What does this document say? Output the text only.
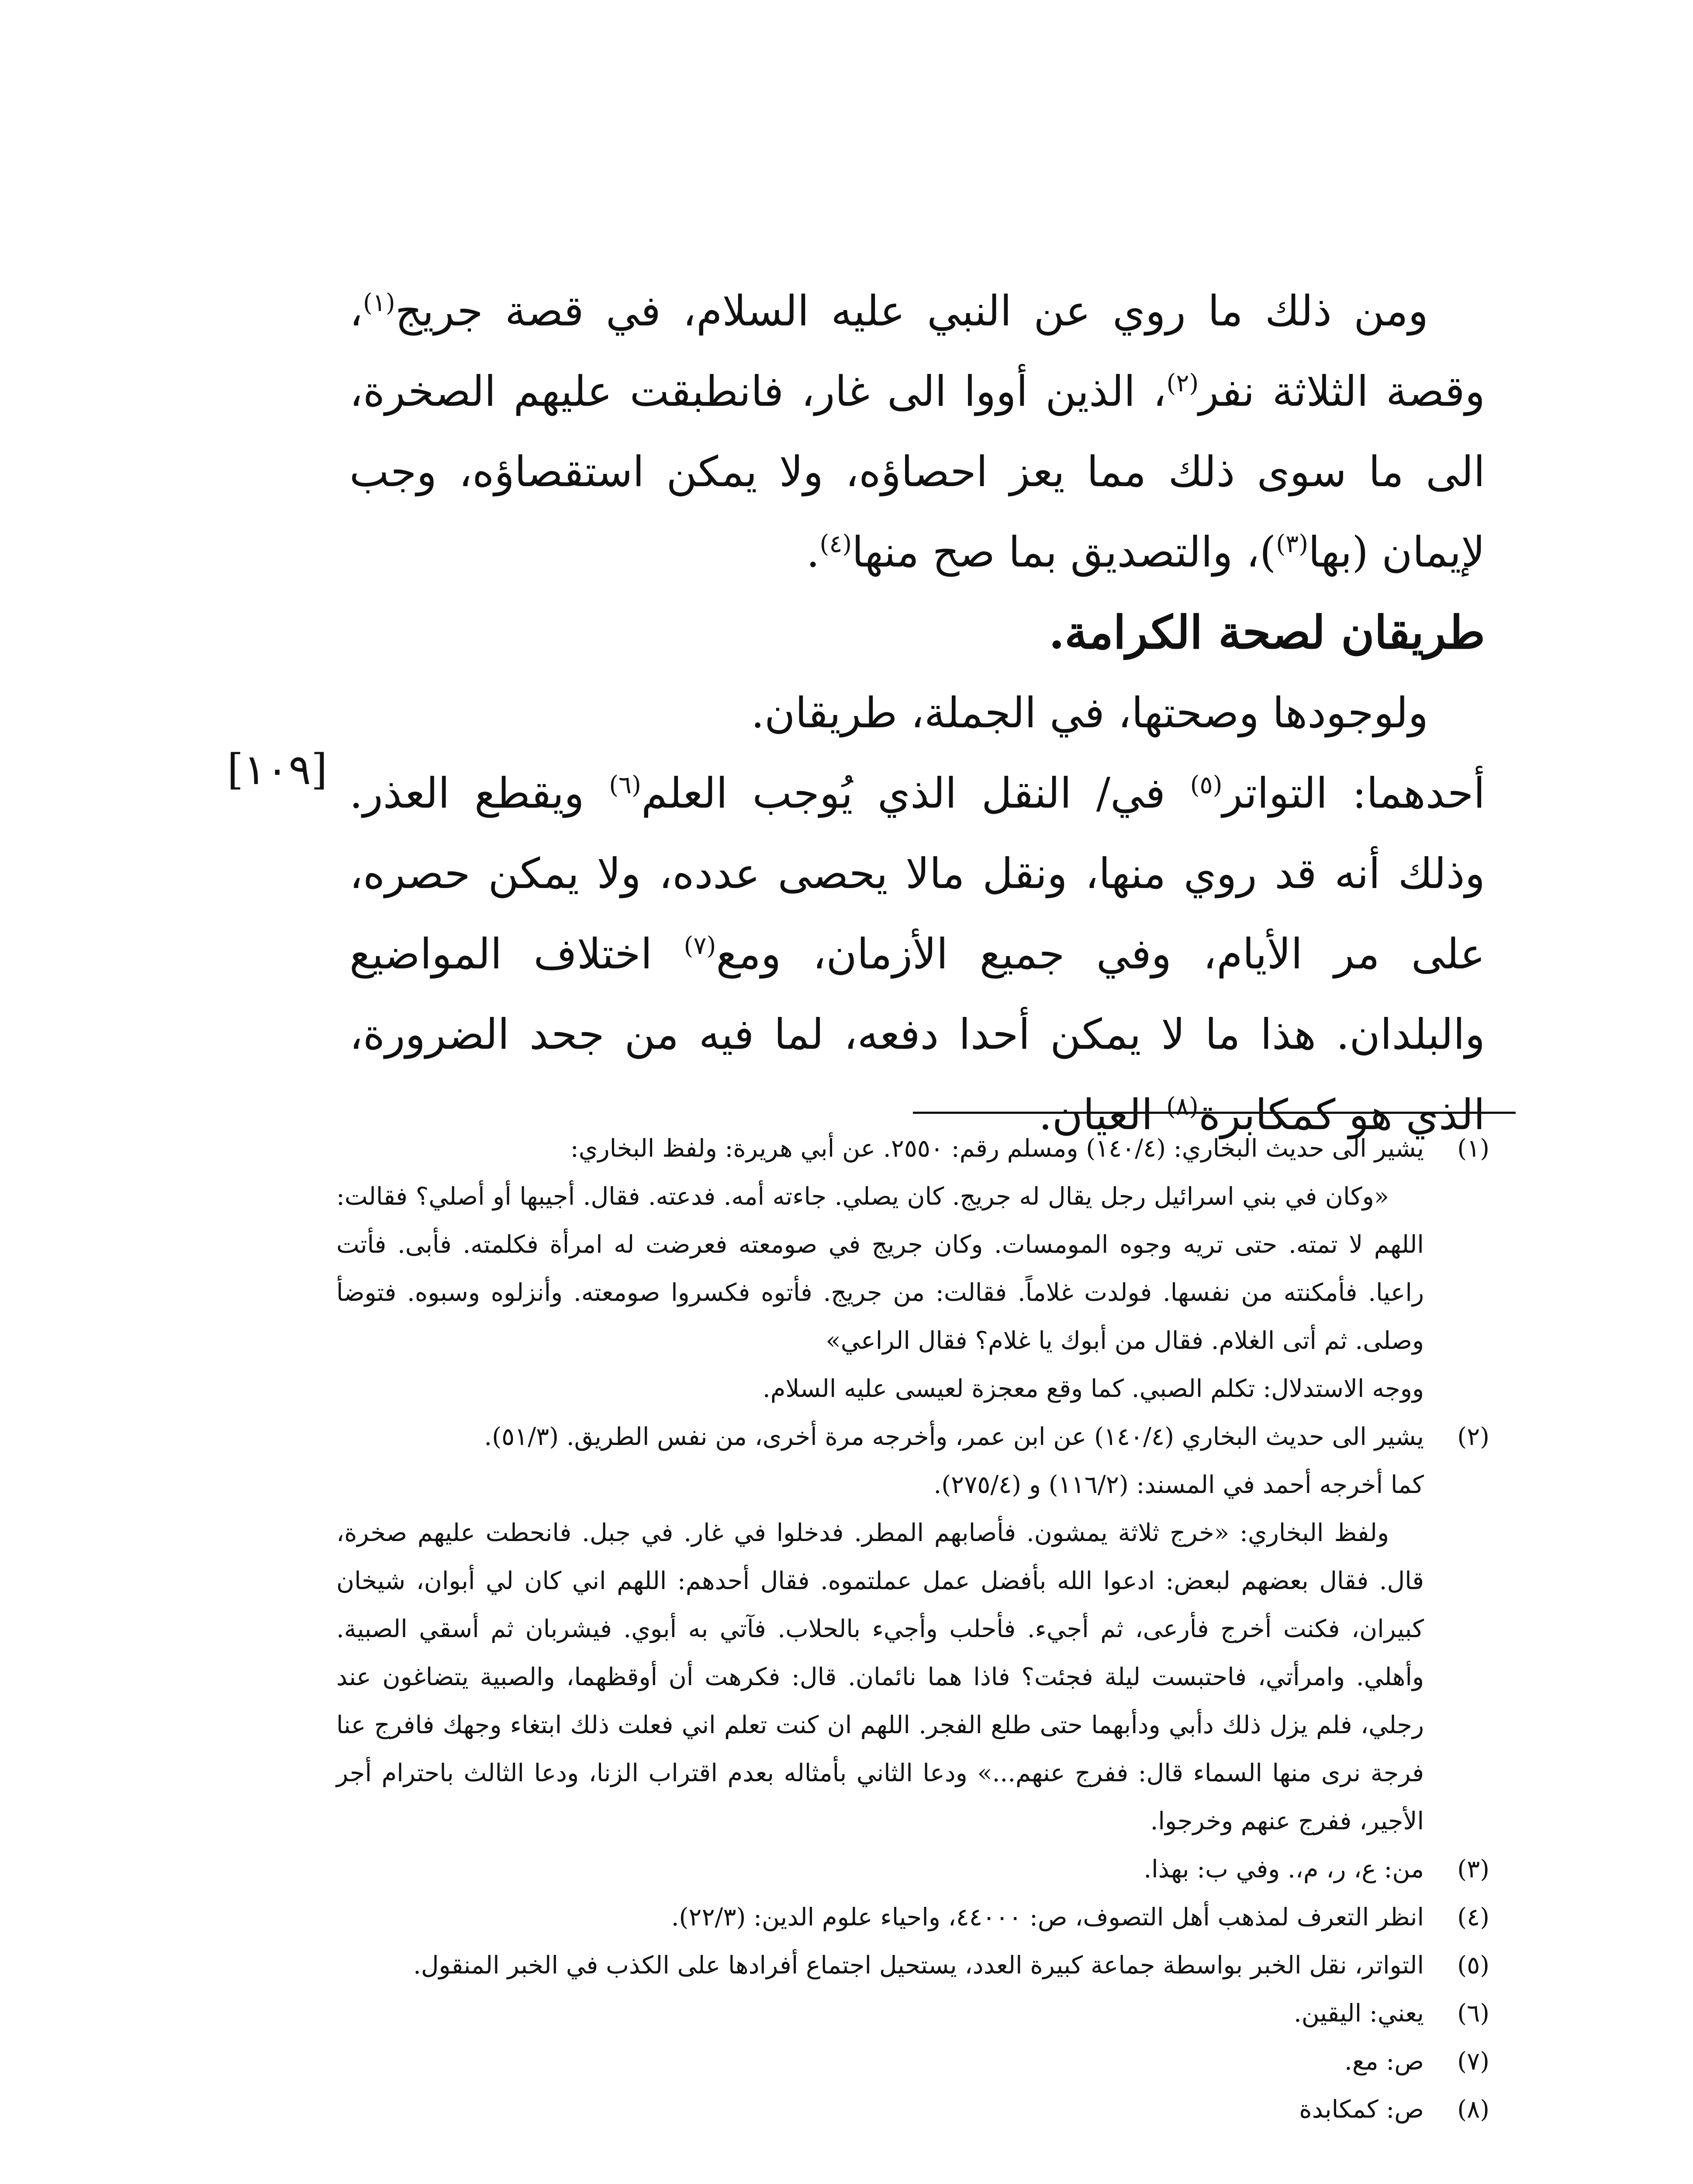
ومن ذلك ما روي عن النبي عليه السلام، في قصة جريج$^{(١)}$، وقصة الثلاثة نفر$^{(٢)}$، الذين أووا الى غار، فانطبقت عليهم الصخرة، الى ما سوى ذلك مما يعز احصاؤه، ولا يمكن استقصاؤه، وجب لإيمان (بها$^{(٣)}$)، والتصديق بما صح منها$^{(٤)}$.

طريقان لصحة الكرامة.

ولوجودها وصحتها، في الجملة، طريقان.

أحدهما: التواتر$^{(٥)}$ في/ النقل الذي يُوجب العلم$^{(٦)}$ ويقطع العذر. وذلك أنه قد روي منها، ونقل مالا يحصى عدده، ولا يمكن حصره، على مر الأيام، وفي جميع الأزمان، ومع$^{(٧)}$ اختلاف المواضيع والبلدان. هذا ما لا يمكن أحدا دفعه، لما فيه من جحد الضرورة، الذي هو كمكابرة$^{(٨)}$ العيان.

[١٠٩]
(١)

يشير الى حديث البخاري: (١٤٠/٤) ومسلم رقم: ٢٥٥٠. عن أبي هريرة: ولفظ البخاري:

«وكان في بني اسرائيل رجل يقال له جريج. كان يصلي. جاءته أمه. فدعته. فقال. أجيبها أو أصلي؟ فقالت: اللهم لا تمته. حتى تريه وجوه المومسات. وكان جريج في صومعته فعرضت له امرأة فكلمته. فأبى. فأتت راعيا. فأمكنته من نفسها. فولدت غلاماً. فقالت: من جريج. فأتوه فكسروا صومعته. وأنزلوه وسبوه. فتوضأ وصلى. ثم أتى الغلام. فقال من أبوك يا غلام؟ فقال الراعي»

ووجه الاستدلال: تكلم الصبي. كما وقع معجزة لعيسى عليه السلام.

(٢)

يشير الى حديث البخاري (١٤٠/٤) عن ابن عمر، وأخرجه مرة أخرى، من نفس الطريق. (٥١/٣).

كما أخرجه أحمد في المسند: (١١٦/٢) و (٢٧٥/٤).

ولفظ البخاري: «خرج ثلاثة يمشون. فأصابهم المطر. فدخلوا في غار. في جبل. فانحطت عليهم صخرة، قال. فقال بعضهم لبعض: ادعوا الله بأفضل عمل عملتموه. فقال أحدهم: اللهم اني كان لي أبوان، شيخان كبيران، فكنت أخرج فأرعى، ثم أجيء. فأحلب وأجيء بالحلاب. فآتي به أبوي. فيشربان ثم أسقي الصبية. وأهلي. وامرأتي، فاحتبست ليلة فجئت؟ فاذا هما نائمان. قال: فكرهت أن أوقظهما، والصبية يتضاغون عند رجلي، فلم يزل ذلك دأبي ودأبهما حتى طلع الفجر. اللهم ان كنت تعلم اني فعلت ذلك ابتغاء وجهك فافرج عنا فرجة نرى منها السماء قال: ففرج عنهم...» ودعا الثاني بأمثاله بعدم اقتراب الزنا، ودعا الثالث باحترام أجر الأجير، ففرج عنهم وخرجوا.

(٣)

من: ع، ر، م،. وفي ب: بهذا.

(٤)

انظر التعرف لمذهب أهل التصوف، ص: ٤٤٠٠٠، واحياء علوم الدين: (٢٢/٣).

(٥)

التواتر، نقل الخبر بواسطة جماعة كبيرة العدد، يستحيل اجتماع أفرادها على الكذب في الخبر المنقول.

(٦)

يعني: اليقين.

(٧)

ص: مع.

(٨)

ص: كمكابدة
